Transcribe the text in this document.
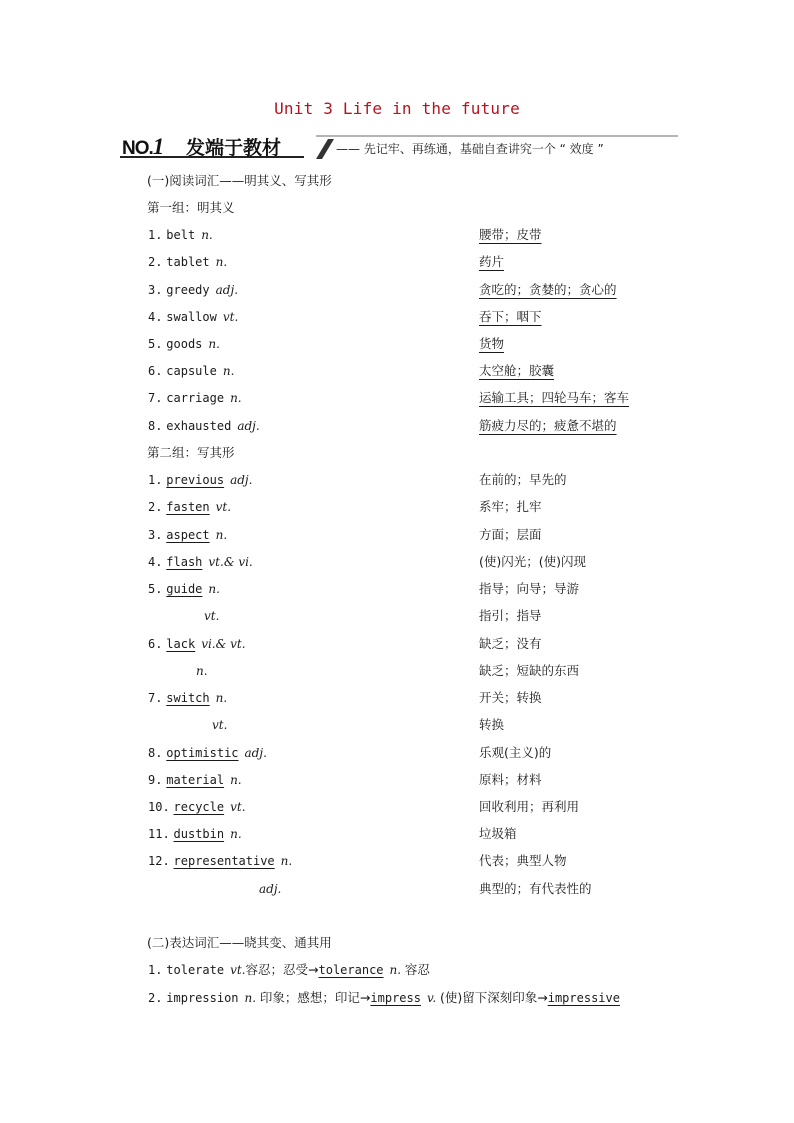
Unit 3 Life in the future
NO.1 发端于教材	—— 先记牢、再练通，基础自查讲究一个 “ 效度 ”
(一)阅读词汇——明其义、写其形
第一组：明其义
1. belt n.	腰带；皮带
2. tablet n.	药片
3. greedy adj.	贪吃的；贪婪的；贪心的
4. swallow vt.	吞下；咽下
5. goods n.	货物
6. capsule n.	太空舱；胶囊
7. carriage n.	运输工具；四轮马车；客车
8. exhausted adj.	筋疲力尽的；疲惫不堪的
第二组：写其形
1. previous adj.	在前的；早先的
2. fasten vt.	系牢；扎牢
3. aspect n.	方面；层面
4. flash vt.& vi.	(使)闪光；(使)闪现
5. guide n.	指导；向导；导游
vt.	指引；指导
6. lack vi.& vt.	缺乏；没有
n.	缺乏；短缺的东西
7. switch n.	开关；转换
vt.	转换
8. optimistic adj.	乐观(主义)的
9. material n.	原料；材料
10. recycle vt.	回收利用；再利用
11. dustbin n.	垃圾箱
12. representative n.	代表；典型人物
adj.	典型的；有代表性的
(二)表达词汇——晓其变、通其用
1. tolerate vt.容忍；忍受→tolerance n. 容忍
2. impression n. 印象；感想；印记→impress v. (使)留下深刻印象→impressive
